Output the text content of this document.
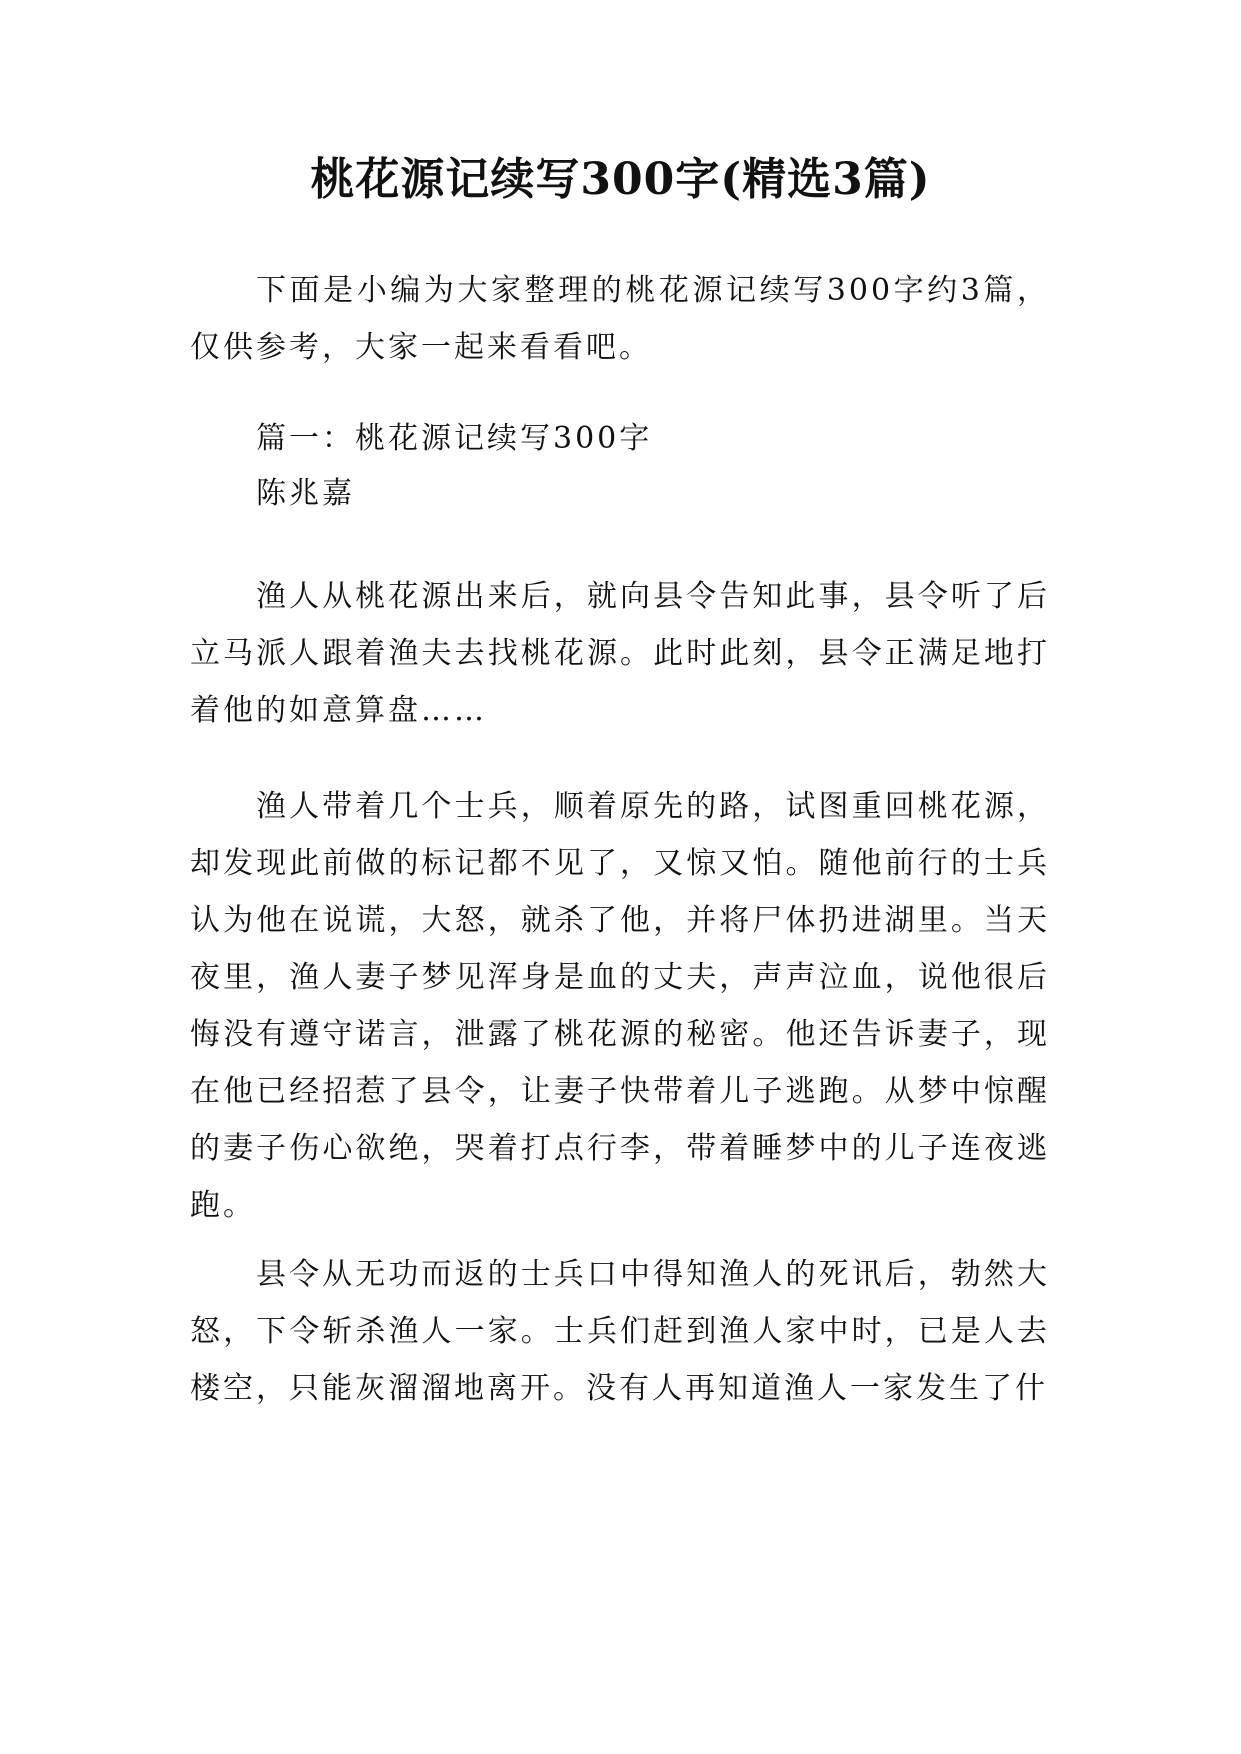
桃花源记续写300字(精选3篇)

下面是小编为大家整理的桃花源记续写300字约3篇，仅供参考，大家一起来看看吧。

篇一：桃花源记续写300字
陈兆嘉

渔人从桃花源出来后，就向县令告知此事，县令听了后立马派人跟着渔夫去找桃花源。此时此刻，县令正满足地打着他的如意算盘……

渔人带着几个士兵，顺着原先的路，试图重回桃花源，却发现此前做的标记都不见了，又惊又怕。随他前行的士兵认为他在说谎，大怒，就杀了他，并将尸体扔进湖里。当天夜里，渔人妻子梦见浑身是血的丈夫，声声泣血，说他很后悔没有遵守诺言，泄露了桃花源的秘密。他还告诉妻子，现在他已经招惹了县令，让妻子快带着儿子逃跑。从梦中惊醒的妻子伤心欲绝，哭着打点行李，带着睡梦中的儿子连夜逃跑。

县令从无功而返的士兵口中得知渔人的死讯后，勃然大怒，下令斩杀渔人一家。士兵们赶到渔人家中时，已是人去楼空，只能灰溜溜地离开。没有人再知道渔人一家发生了什
